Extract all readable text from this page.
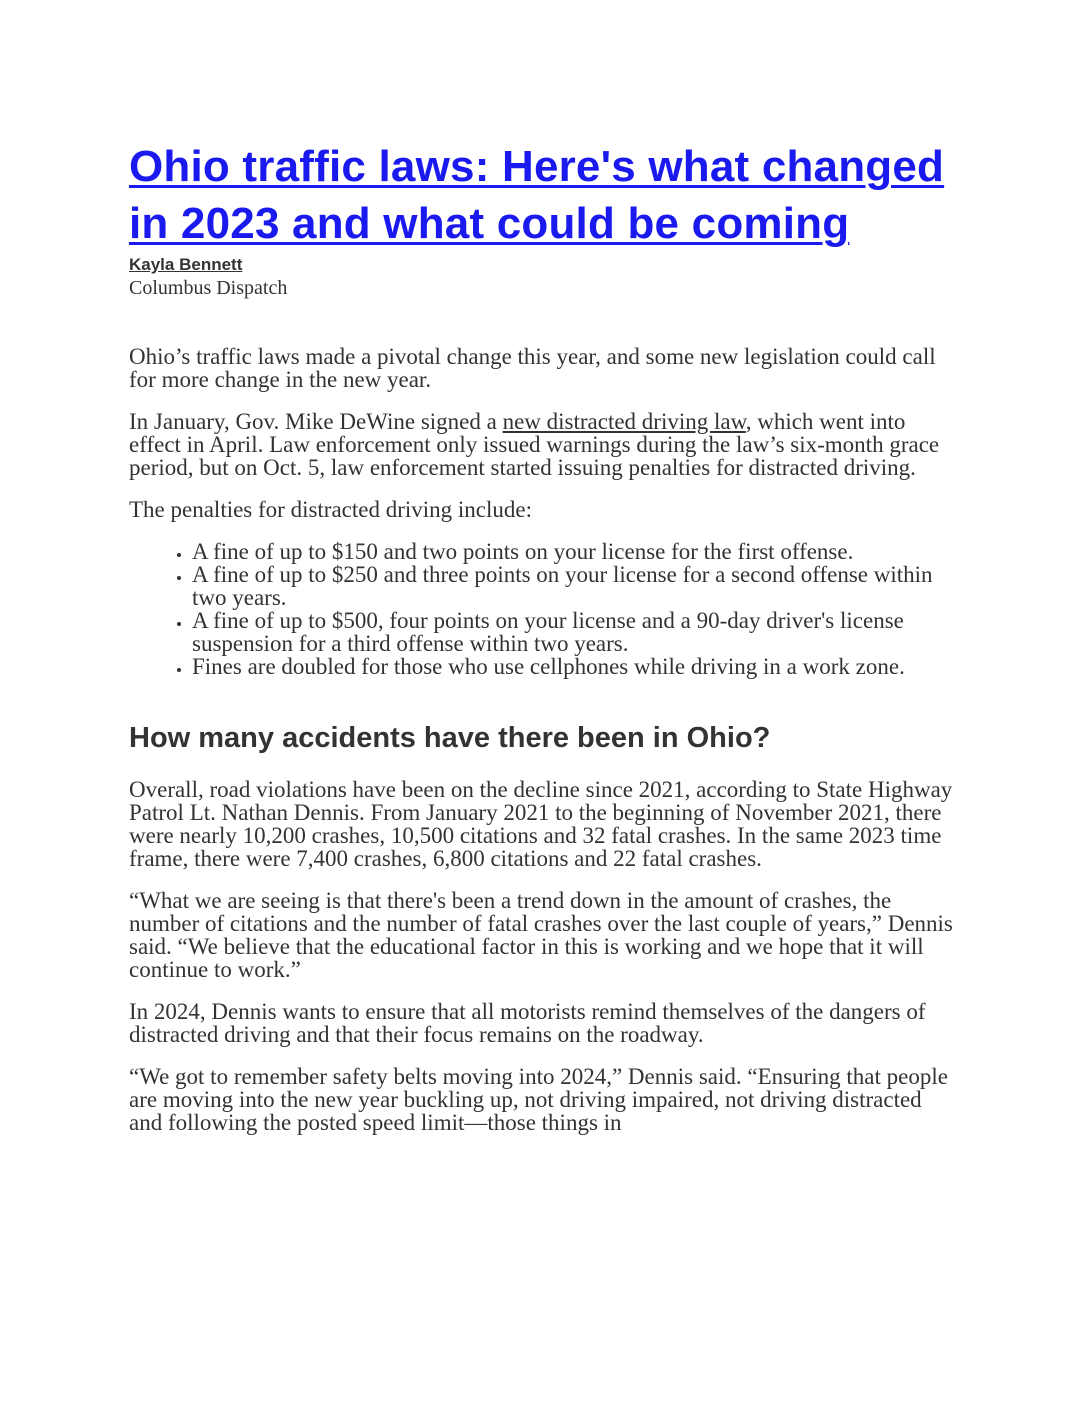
Ohio traffic laws: Here's what changed in 2023 and what could be coming
Kayla Bennett
Columbus Dispatch

Ohio’s traffic laws made a pivotal change this year, and some new legislation could call for more change in the new year.

In January, Gov. Mike DeWine signed a new distracted driving law, which went into effect in April. Law enforcement only issued warnings during the law’s six-month grace period, but on Oct. 5, law enforcement started issuing penalties for distracted driving.

The penalties for distracted driving include:

• A fine of up to $150 and two points on your license for the first offense.
• A fine of up to $250 and three points on your license for a second offense within two years.
• A fine of up to $500, four points on your license and a 90-day driver's license suspension for a third offense within two years.
• Fines are doubled for those who use cellphones while driving in a work zone.
How many accidents have there been in Ohio?

Overall, road violations have been on the decline since 2021, according to State Highway Patrol Lt. Nathan Dennis. From January 2021 to the beginning of November 2021, there were nearly 10,200 crashes, 10,500 citations and 32 fatal crashes. In the same 2023 time frame, there were 7,400 crashes, 6,800 citations and 22 fatal crashes.

“What we are seeing is that there's been a trend down in the amount of crashes, the number of citations and the number of fatal crashes over the last couple of years,” Dennis said. “We believe that the educational factor in this is working and we hope that it will continue to work.”

In 2024, Dennis wants to ensure that all motorists remind themselves of the dangers of distracted driving and that their focus remains on the roadway.

“We got to remember safety belts moving into 2024,” Dennis said. “Ensuring that people are moving into the new year buckling up, not driving impaired, not driving distracted and following the posted speed limit—those things in
